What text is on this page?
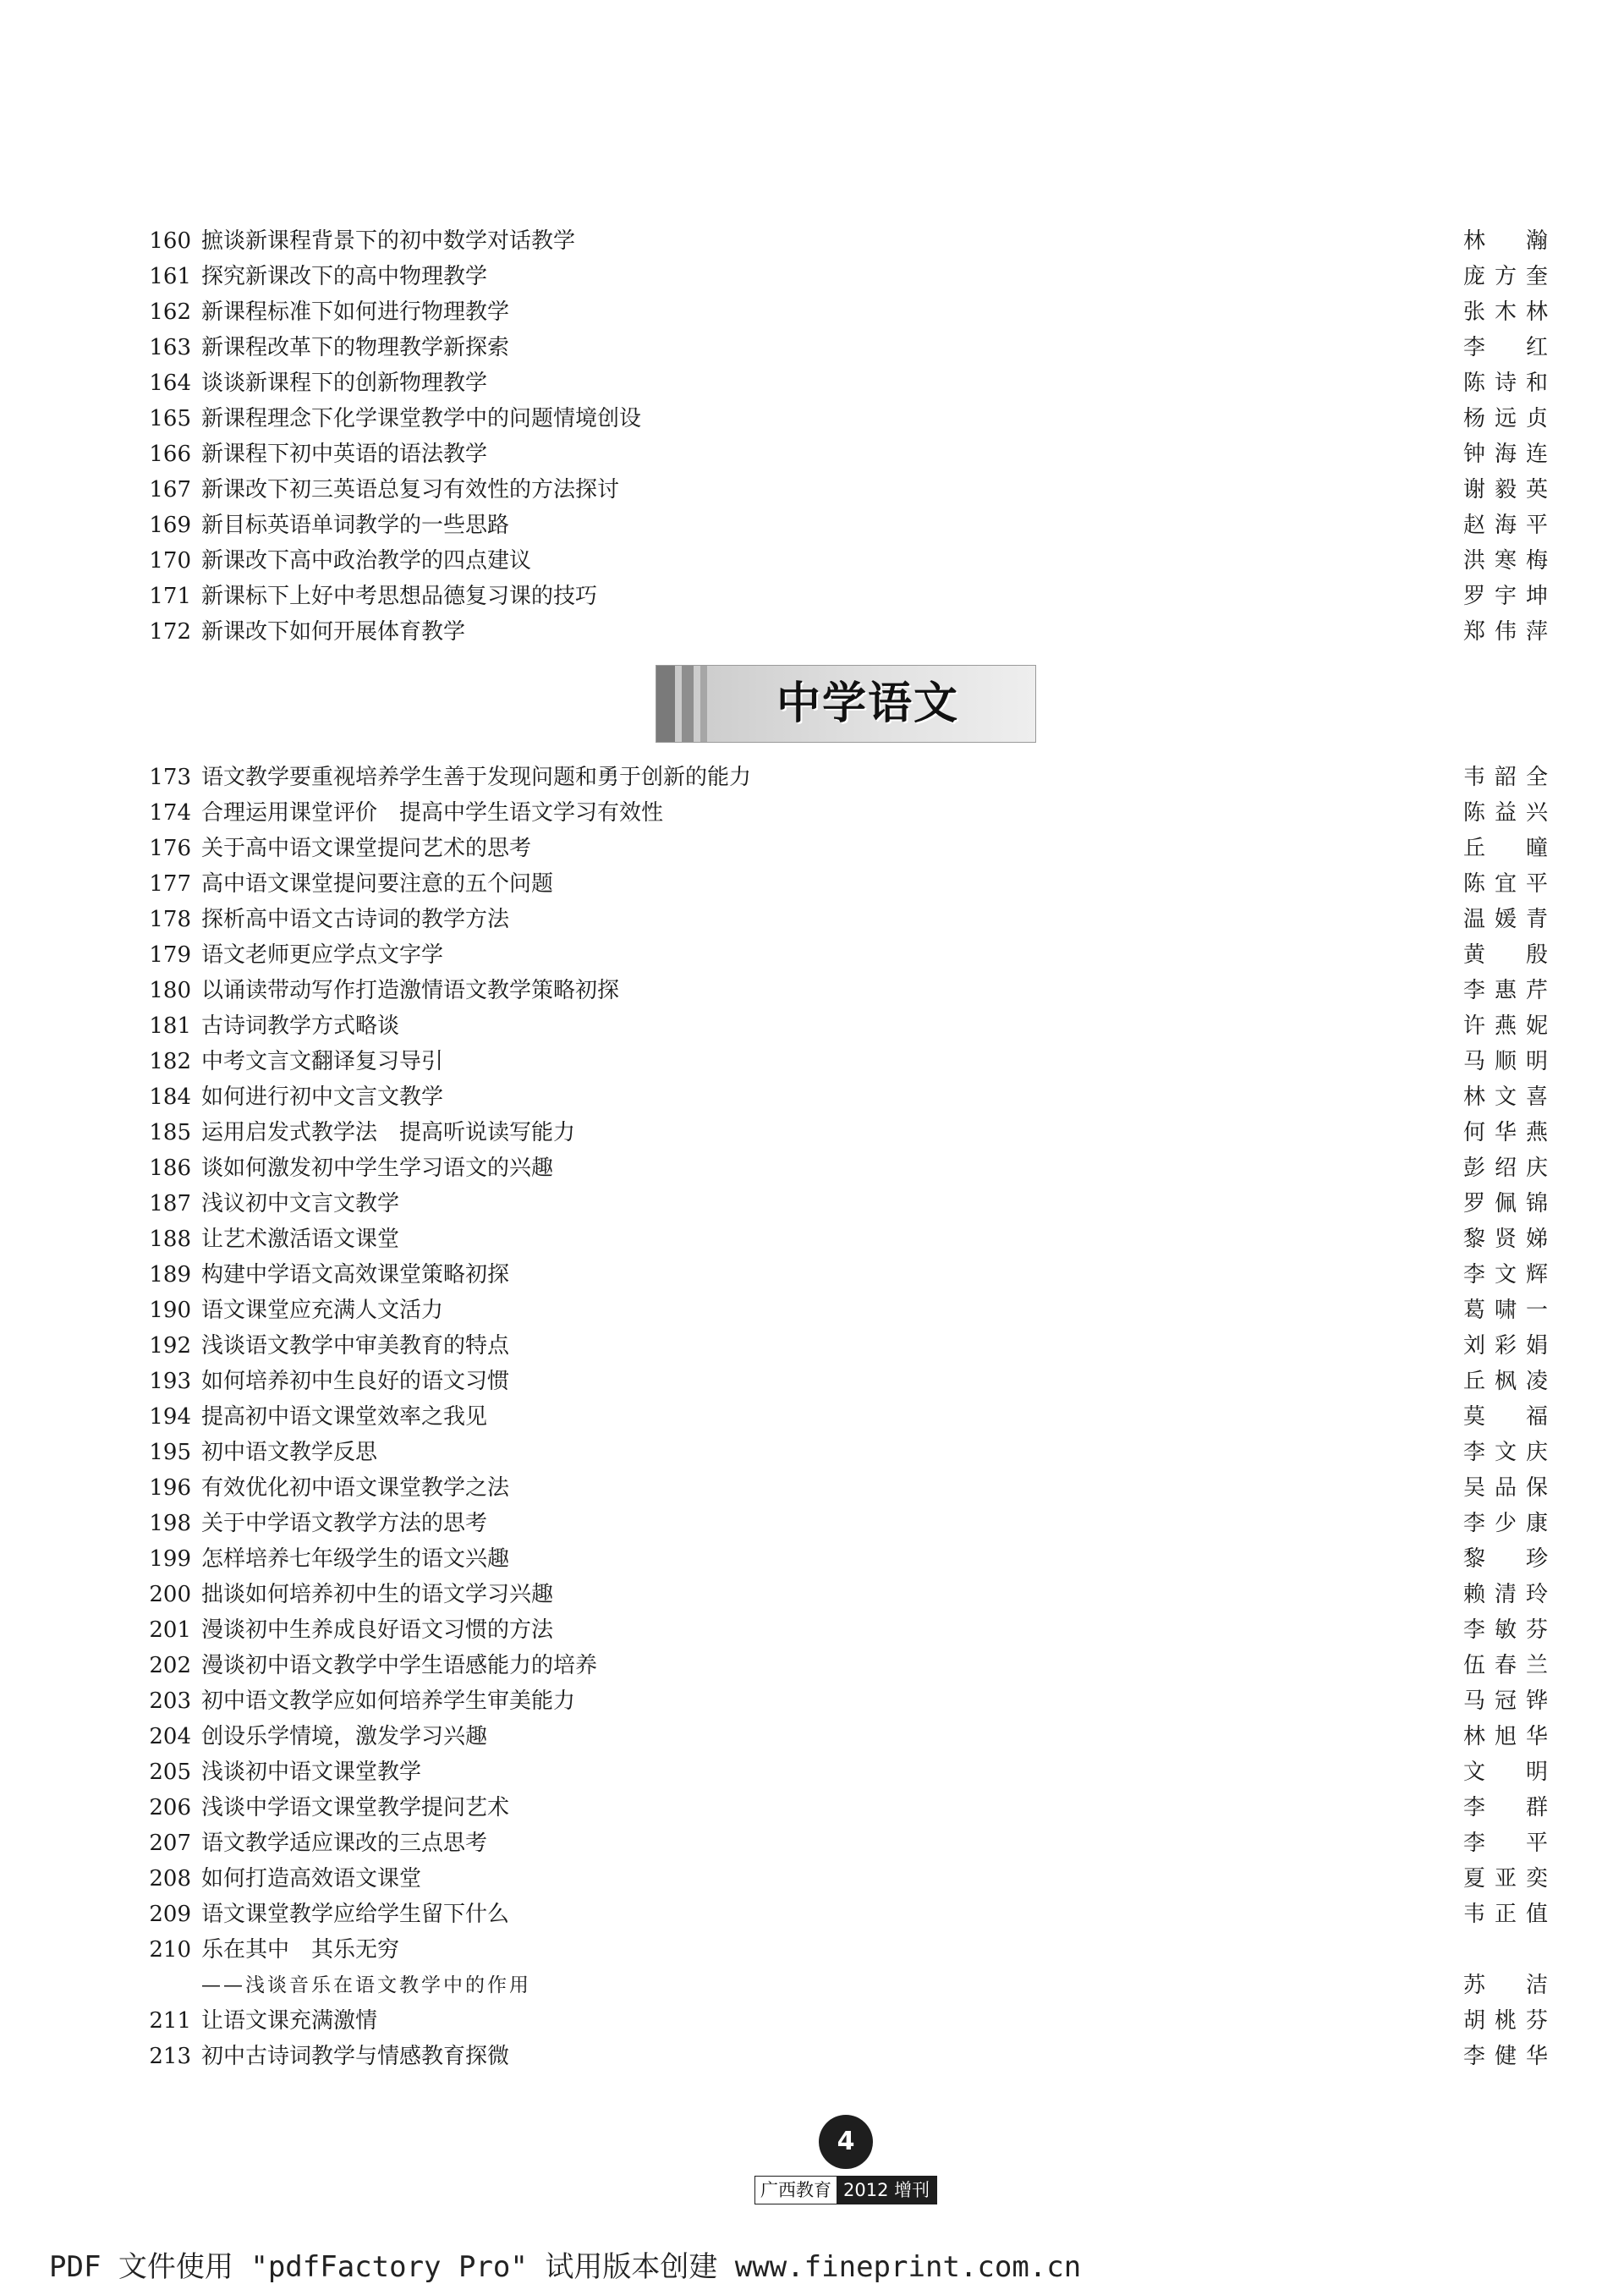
160 摭谈新课程背景下的初中数学对话教学	林 瀚
161 探究新课改下的高中物理教学	庞方奎
162 新课程标准下如何进行物理教学	张木林
163 新课程改革下的物理教学新探索	李 红
164 谈谈新课程下的创新物理教学	陈诗和
165 新课程理念下化学课堂教学中的问题情境创设	杨远贞
166 新课程下初中英语的语法教学	钟海连
167 新课改下初三英语总复习有效性的方法探讨	谢毅英
169 新目标英语单词教学的一些思路	赵海平
170 新课改下高中政治教学的四点建议	洪寒梅
171 新课标下上好中考思想品德复习课的技巧	罗宇坤
172 新课改下如何开展体育教学	郑伟萍
中学语文
173 语文教学要重视培养学生善于发现问题和勇于创新的能力	韦韶全
174 合理运用课堂评价　提高中学生语文学习有效性	陈益兴
176 关于高中语文课堂提问艺术的思考	丘 曈
177 高中语文课堂提问要注意的五个问题	陈宜平
178 探析高中语文古诗词的教学方法	温媛青
179 语文老师更应学点文字学	黄 殷
180 以诵读带动写作打造激情语文教学策略初探	李惠芹
181 古诗词教学方式略谈	许燕妮
182 中考文言文翻译复习导引	马顺明
184 如何进行初中文言文教学	林文喜
185 运用启发式教学法　提高听说读写能力	何华燕
186 谈如何激发初中学生学习语文的兴趣	彭绍庆
187 浅议初中文言文教学	罗佩锦
188 让艺术激活语文课堂	黎贤娣
189 构建中学语文高效课堂策略初探	李文辉
190 语文课堂应充满人文活力	葛啸一
192 浅谈语文教学中审美教育的特点	刘彩娟
193 如何培养初中生良好的语文习惯	丘枫凌
194 提高初中语文课堂效率之我见	莫 福
195 初中语文教学反思	李文庆
196 有效优化初中语文课堂教学之法	吴品保
198 关于中学语文教学方法的思考	李少康
199 怎样培养七年级学生的语文兴趣	黎 珍
200 拙谈如何培养初中生的语文学习兴趣	赖清玲
201 漫谈初中生养成良好语文习惯的方法	李敏芬
202 漫谈初中语文教学中学生语感能力的培养	伍春兰
203 初中语文教学应如何培养学生审美能力	马冠铧
204 创设乐学情境，激发学习兴趣	林旭华
205 浅谈初中语文课堂教学	文 明
206 浅谈中学语文课堂教学提问艺术	李 群
207 语文教学适应课改的三点思考	李 平
208 如何打造高效语文课堂	夏亚奕
209 语文课堂教学应给学生留下什么	韦正值
210 乐在其中　其乐无穷
——浅谈音乐在语文教学中的作用	苏 洁
211 让语文课充满激情	胡桃芬
213 初中古诗词教学与情感教育探微	李健华
4
广西教育 2012 增刊
PDF 文件使用 "pdfFactory Pro" 试用版本创建 www.fineprint.com.cn
